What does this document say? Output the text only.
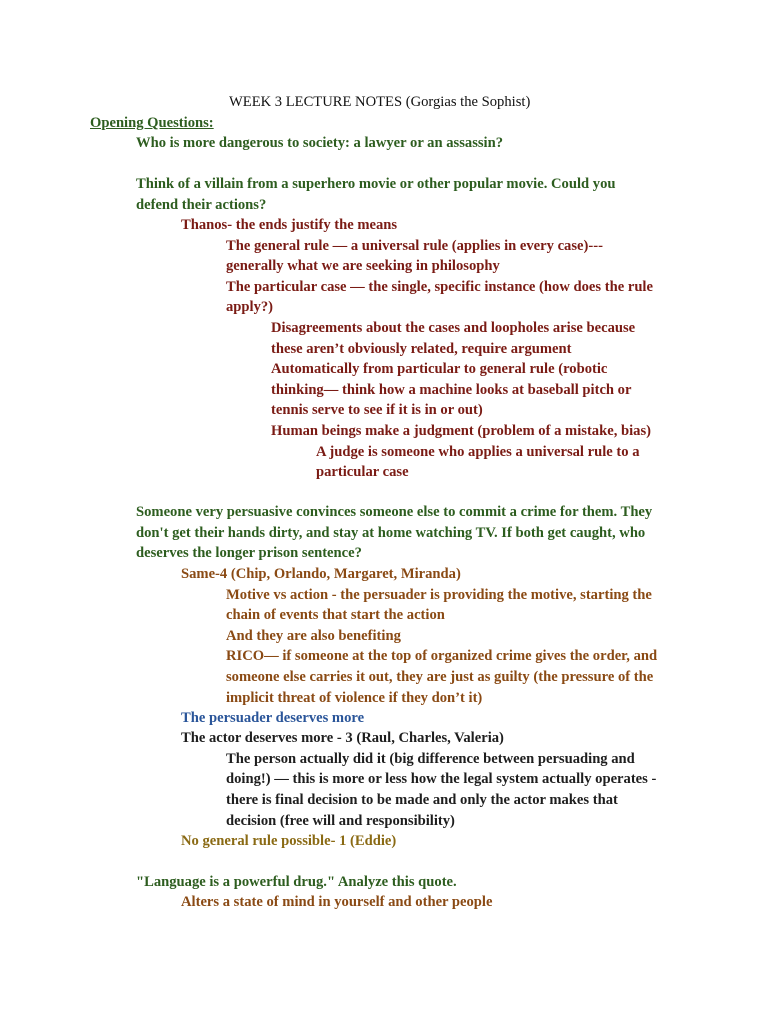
WEEK 3 LECTURE NOTES (Gorgias the Sophist)

Opening Questions:

Who is more dangerous to society: a lawyer or an assassin?

Think of a villain from a superhero movie or other popular movie. Could you

defend their actions?

Thanos- the ends justify the means

The general rule — a universal rule (applies in every case)---

generally what we are seeking in philosophy

The particular case — the single, specific instance (how does the rule

apply?)

Disagreements about the cases and loopholes arise because

these aren’t obviously related, require argument

Automatically from particular to general rule (robotic

thinking— think how a machine looks at baseball pitch or

tennis serve to see if it is in or out)

Human beings make a judgment (problem of a mistake, bias)

A judge is someone who applies a universal rule to a

particular case

Someone very persuasive convinces someone else to commit a crime for them. They

don't get their hands dirty, and stay at home watching TV. If both get caught, who

deserves the longer prison sentence?

Same-4 (Chip, Orlando, Margaret, Miranda)

Motive vs action - the persuader is providing the motive, starting the

chain of events that start the action

And they are also benefiting

RICO— if someone at the top of organized crime gives the order, and

someone else carries it out, they are just as guilty (the pressure of the

implicit threat of violence if they don’t it)

The persuader deserves more

The actor deserves more - 3 (Raul, Charles, Valeria)

The person actually did it (big difference between persuading and

doing!) — this is more or less how the legal system actually operates -

there is final decision to be made and only the actor makes that

decision (free will and responsibility)

No general rule possible- 1 (Eddie)

"Language is a powerful drug." Analyze this quote.

Alters a state of mind in yourself and other people
